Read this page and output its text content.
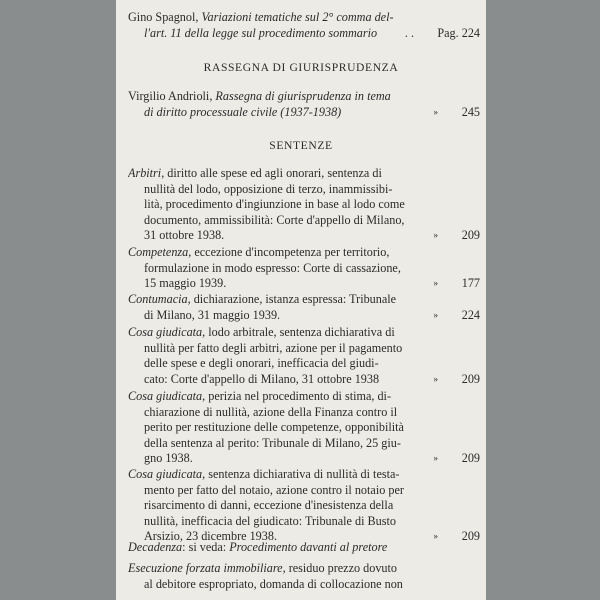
Gino Spagnol, Variazioni tematiche sul 2° comma del-
l'art. 11 della legge sul procedimento sommario . .	Pag. 224
RASSEGNA DI GIURISPRUDENZA
Virgilio Andrioli, Rassegna di giurisprudenza in tema
di diritto processuale civile (1937-1938)	»	245
SENTENZE
Arbitri, diritto alle spese ed agli onorari, sentenza di
nullità del lodo, opposizione di terzo, inammissibi-
lità, procedimento d'ingiunzione in base al lodo come
documento, ammissibilità: Corte d'appello di Milano,
31 ottobre 1938.	»	209
Competenza, eccezione d'incompetenza per territorio,
formulazione in modo espresso: Corte di cassazione,
15 maggio 1939.	»	177
Contumacia, dichiarazione, istanza espressa: Tribunale
di Milano, 31 maggio 1939.	»	224
Cosa giudicata, lodo arbitrale, sentenza dichiarativa di
nullità per fatto degli arbitri, azione per il pagamento
delle spese e degli onorari, inefficacia del giudi-
cato: Corte d'appello di Milano, 31 ottobre 1938	»	209
Cosa giudicata, perizia nel procedimento di stima, di-
chiarazione di nullità, azione della Finanza contro il
perito per restituzione delle competenze, opponibilità
della sentenza al perito: Tribunale di Milano, 25 giu-
gno 1938.	»	209
Cosa giudicata, sentenza dichiarativa di nullità di testa-
mento per fatto del notaio, azione contro il notaio per
risarcimento di danni, eccezione d'inesistenza della
nullità, inefficacia del giudicato: Tribunale di Busto
Arsizio, 23 dicembre 1938.	»	209
Decadenza: si veda: Procedimento davanti al pretore
Esecuzione forzata immobiliare, residuo prezzo dovuto
al debitore espropriato, domanda di collocazione non
